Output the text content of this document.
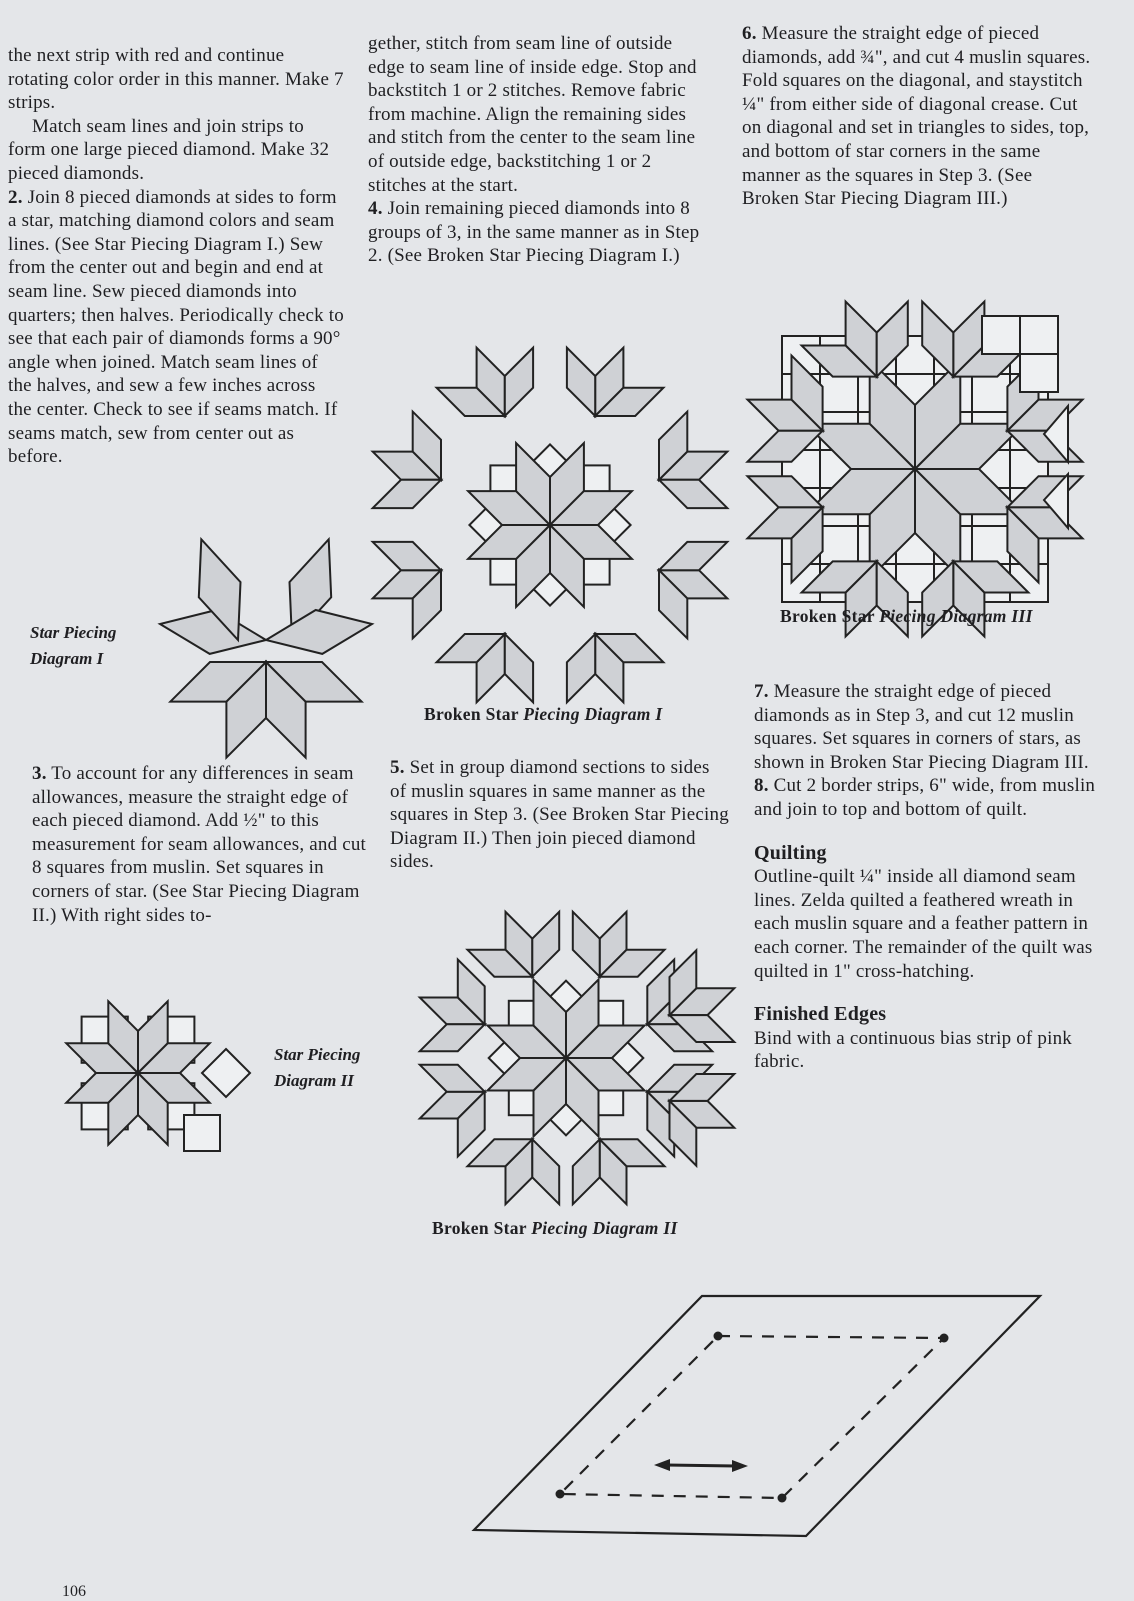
the next strip with red and continue rotating color order in this manner. Make 7 strips.

Match seam lines and join strips to form one large pieced diamond. Make 32 pieced diamonds.

2. Join 8 pieced diamonds at sides to form a star, matching diamond colors and seam lines. (See Star Piecing Diagram I.) Sew from the center out and begin and end at seam line. Sew pieced diamonds into quarters; then halves. Periodically check to see that each pair of diamonds forms a 90° angle when joined. Match seam lines of the halves, and sew a few inches across the center. Check to see if seams match. If seams match, sew from center out as before.

gether, stitch from seam line of outside edge to seam line of inside edge. Stop and backstitch 1 or 2 stitches. Remove fabric from machine. Align the remaining sides and stitch from the center to the seam line of outside edge, backstitching 1 or 2 stitches at the start.

4. Join remaining pieced diamonds into 8 groups of 3, in the same manner as in Step 2. (See Broken Star Piecing Diagram I.)

6. Measure the straight edge of pieced diamonds, add ¾", and cut 4 muslin squares. Fold squares on the diagonal, and staystitch ¼" from either side of diagonal crease. Cut on diagonal and set in triangles to sides, top, and bottom of star corners in the same manner as the squares in Step 3. (See Broken Star Piecing Diagram III.)

Star Piecing
Diagram I
Broken Star Piecing Diagram I
Broken Star Piecing Diagram III

7. Measure the straight edge of pieced diamonds as in Step 3, and cut 12 muslin squares. Set squares in corners of stars, as shown in Broken Star Piecing Diagram III.

8. Cut 2 border strips, 6" wide, from muslin and join to top and bottom of quilt.

Quilting

Outline-quilt ¼" inside all diamond seam lines. Zelda quilted a feathered wreath in each muslin square and a feather pattern in each corner. The remainder of the quilt was quilted in 1" cross-hatching.

Finished Edges

Bind with a continuous bias strip of pink fabric.

3. To account for any differences in seam allowances, measure the straight edge of each pieced diamond. Add ½" to this measurement for seam allowances, and cut 8 squares from muslin. Set squares in corners of star. (See Star Piecing Diagram II.) With right sides to-

5. Set in group diamond sections to sides of muslin squares in same manner as the squares in Step 3. (See Broken Star Piecing Diagram II.) Then join pieced diamond sides.

Star Piecing
Diagram II
Broken Star Piecing Diagram II
106
